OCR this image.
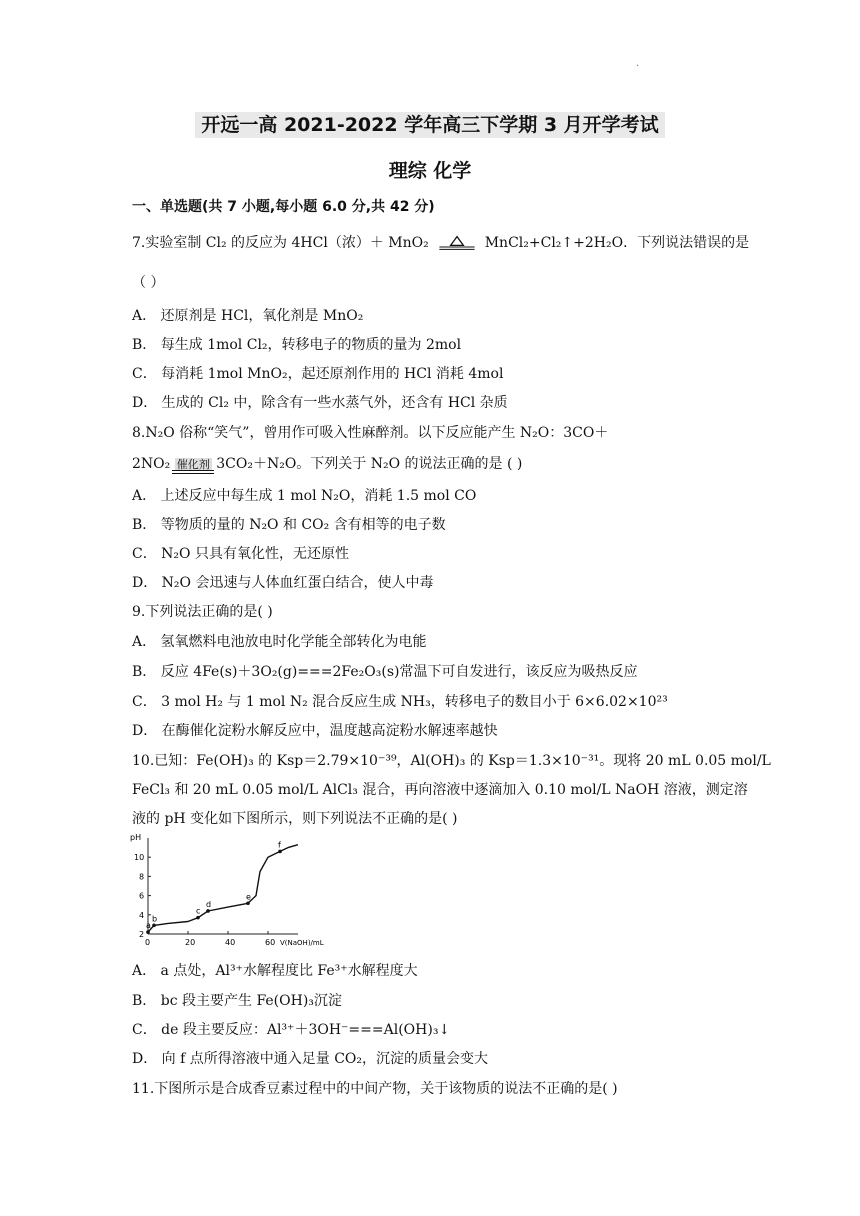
.
开远一高 2021-2022 学年高三下学期 3 月开学考试
理综 化学
一、单选题(共 7 小题,每小题 6.0 分,共 42 分)
7.实验室制 Cl₂ 的反应为 4HCl（浓）＋ MnO₂	MnCl₂+Cl₂↑+2H₂O．下列说法错误的是
（ ）
A． 还原剂是 HCl，氧化剂是 MnO₂
B． 每生成 1mol Cl₂，转移电子的物质的量为 2mol
C． 每消耗 1mol MnO₂，起还原剂作用的 HCl 消耗 4mol
D． 生成的 Cl₂ 中，除含有一些水蒸气外，还含有 HCl 杂质
8.N₂O 俗称“笑气”，曾用作可吸入性麻醉剂。以下反应能产生 N₂O：3CO＋
2NO₂ 催化剂 3CO₂＋N₂O。下列关于 N₂O 的说法正确的是 ( )
A． 上述反应中每生成 1 mol N₂O，消耗 1.5 mol CO
B． 等物质的量的 N₂O 和 CO₂ 含有相等的电子数
C． N₂O 只具有氧化性，无还原性
D． N₂O 会迅速与人体血红蛋白结合，使人中毒
9.下列说法正确的是( )
A． 氢氧燃料电池放电时化学能全部转化为电能
B． 反应 4Fe(s)＋3O₂(g)===2Fe₂O₃(s)常温下可自发进行，该反应为吸热反应
C． 3 mol H₂ 与 1 mol N₂ 混合反应生成 NH₃，转移电子的数目小于 6×6.02×10²³
D． 在酶催化淀粉水解反应中，温度越高淀粉水解速率越快
10.已知：Fe(OH)₃ 的 Ksp＝2.79×10⁻³⁹，Al(OH)₃ 的 Ksp＝1.3×10⁻³¹。现将 20 mL 0.05 mol/L
FeCl₃ 和 20 mL 0.05 mol/L AlCl₃ 混合，再向溶液中逐滴加入 0.10 mol/L NaOH 溶液，测定溶
液的 pH 变化如下图所示，则下列说法不正确的是( )
pH
V(NaOH)/mL
0	20	40	60
2
4
6
8
10
a
b
c
d
e
f
A． a 点处，Al³⁺水解程度比 Fe³⁺水解程度大
B． bc 段主要产生 Fe(OH)₃沉淀
C． de 段主要反应：Al³⁺＋3OH⁻===Al(OH)₃↓
D． 向 f 点所得溶液中通入足量 CO₂，沉淀的质量会变大
11.下图所示是合成香豆素过程中的中间产物，关于该物质的说法不正确的是( )
